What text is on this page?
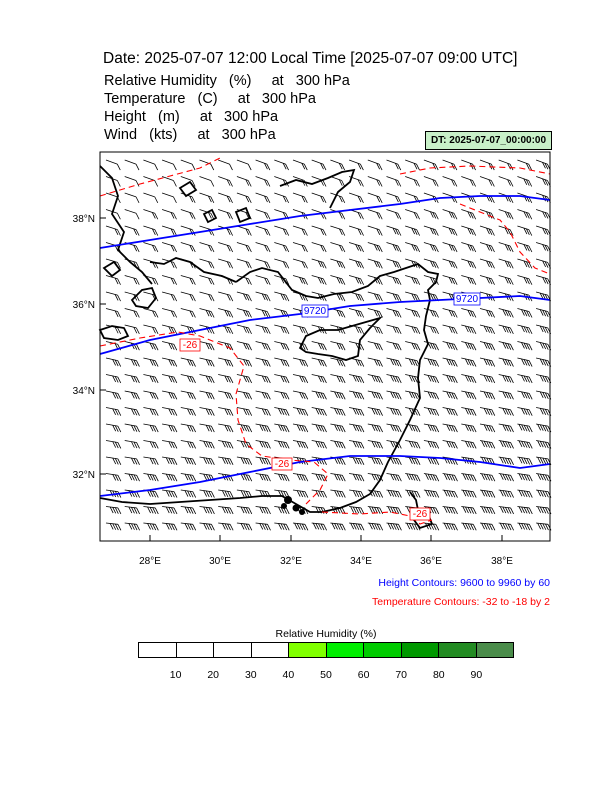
Date: 2025-07-07 12:00 Local Time [2025-07-07 09:00 UTC]
Relative Humidity   (%)     at   300 hPa
Temperature   (C)     at   300 hPa
Height   (m)     at   300 hPa
Wind   (kts)     at   300 hPa	DT: 2025-07-07_00:00:00
9720
9720
-26
-26
-26
38°N
36°N
34°N
32°N
28°E	30°E	32°E	34°E	36°E	38°E
Height Contours: 9600 to 9960 by 60
Temperature Contours: -32 to -18 by 2
Relative Humidity (%)
10 20 30 40 50 60 70 80 90
